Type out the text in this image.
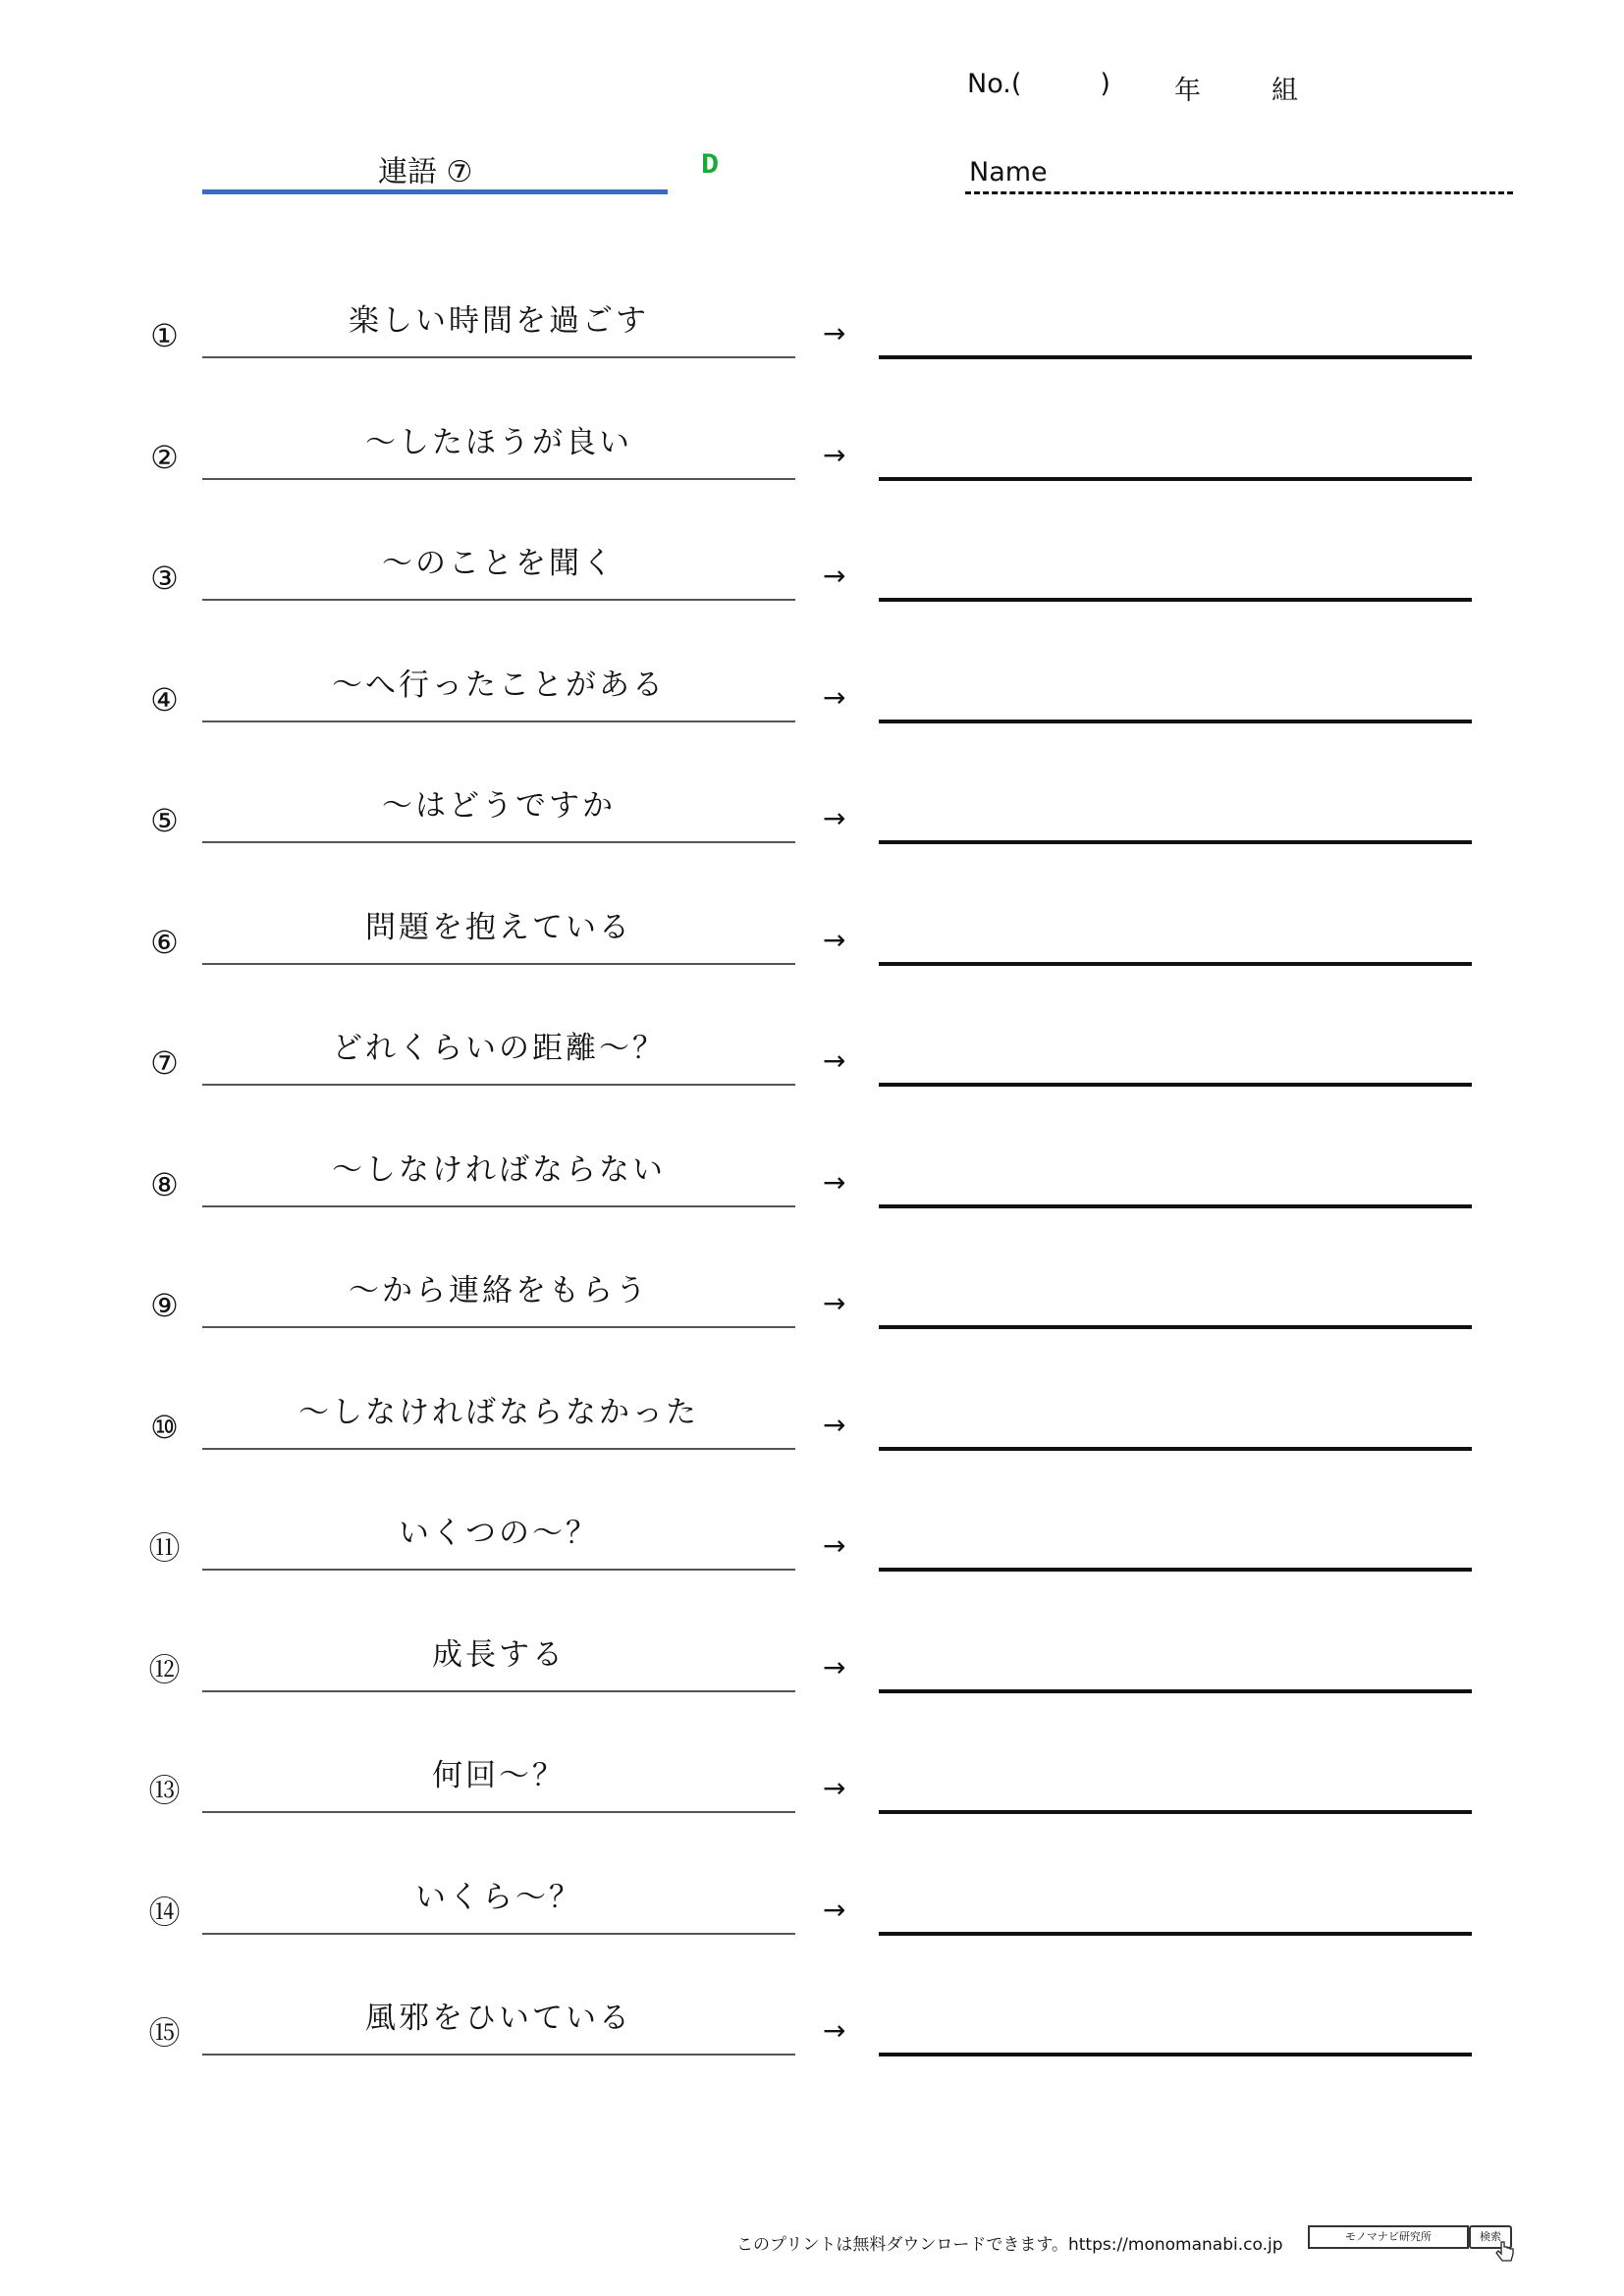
No.(	) 年	組
連語 ⑦	D	Name
①	楽しい時間を過ごす	→
②	～したほうが良い	→
③	～のことを聞く	→
④	～へ行ったことがある	→
⑤	～はどうですか	→
⑥	問題を抱えている	→
⑦	どれくらいの距離～？	→
⑧	～しなければならない	→
⑨	～から連絡をもらう	→
⑩	～しなければならなかった	→
⑪	いくつの～？	→
⑫	成長する	→
⑬	何回～？	→
⑭	いくら～？	→
⑮	風邪をひいている	→
このプリントは無料ダウンロードできます。https://monomanabi.co.jp	モノマナビ研究所	検索
